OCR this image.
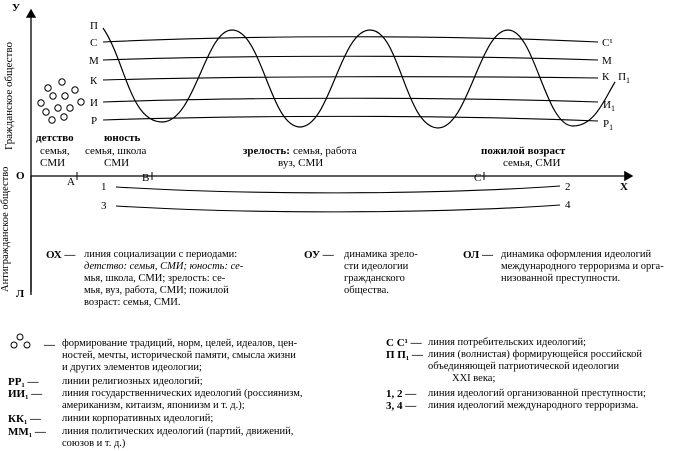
У
Х
О
Л
А	В	С
Гражданское общество
Антигражданское общество
П
С
М
К
И
Р
С¹
М
К $П_1$
$И_1$
$Р_1$
1
3
2
4
детство
семья,
СМИ
юность
семья, школа
СМИ
зрелость: семья, работа
вуз, СМИ
пожилой возраст
семья, СМИ
ОХ — линия социализации с периодами:
детство: семья, СМИ; юность: се-
мья, школа, СМИ; зрелость: се-
мья, вуз, работа, СМИ; пожилой
возраст: семья, СМИ.
ОУ — динамика зрело-
сти идеологии
гражданского
общества.
ОЛ — динамика оформления идеологий
международного терроризма и орга-
низованной преступности.
— формирование традиций, норм, целей, идеалов, цен-
ностей, мечты, исторической памяти, смысла жизни
и других элементов идеологии;
РР₁ — линии религиозных идеологий;
ИИ₁ — линия государственнических идеологий (россиянизм,
американизм, китаизм, япониизм и т. д.);
КК₁ — линии корпоративных идеологий;
ММ₁ — линия политических идеологий (партий, движений,
союзов и т. д.)
С С¹ — линия потребительских идеологий;
П П₁ — линия (волнистая) формирующейся российской
объединяющей патриотической идеологии
XXI века;
1, 2 — линия идеологий организованной преступности;
3, 4 — линия идеологий международного терроризма.
